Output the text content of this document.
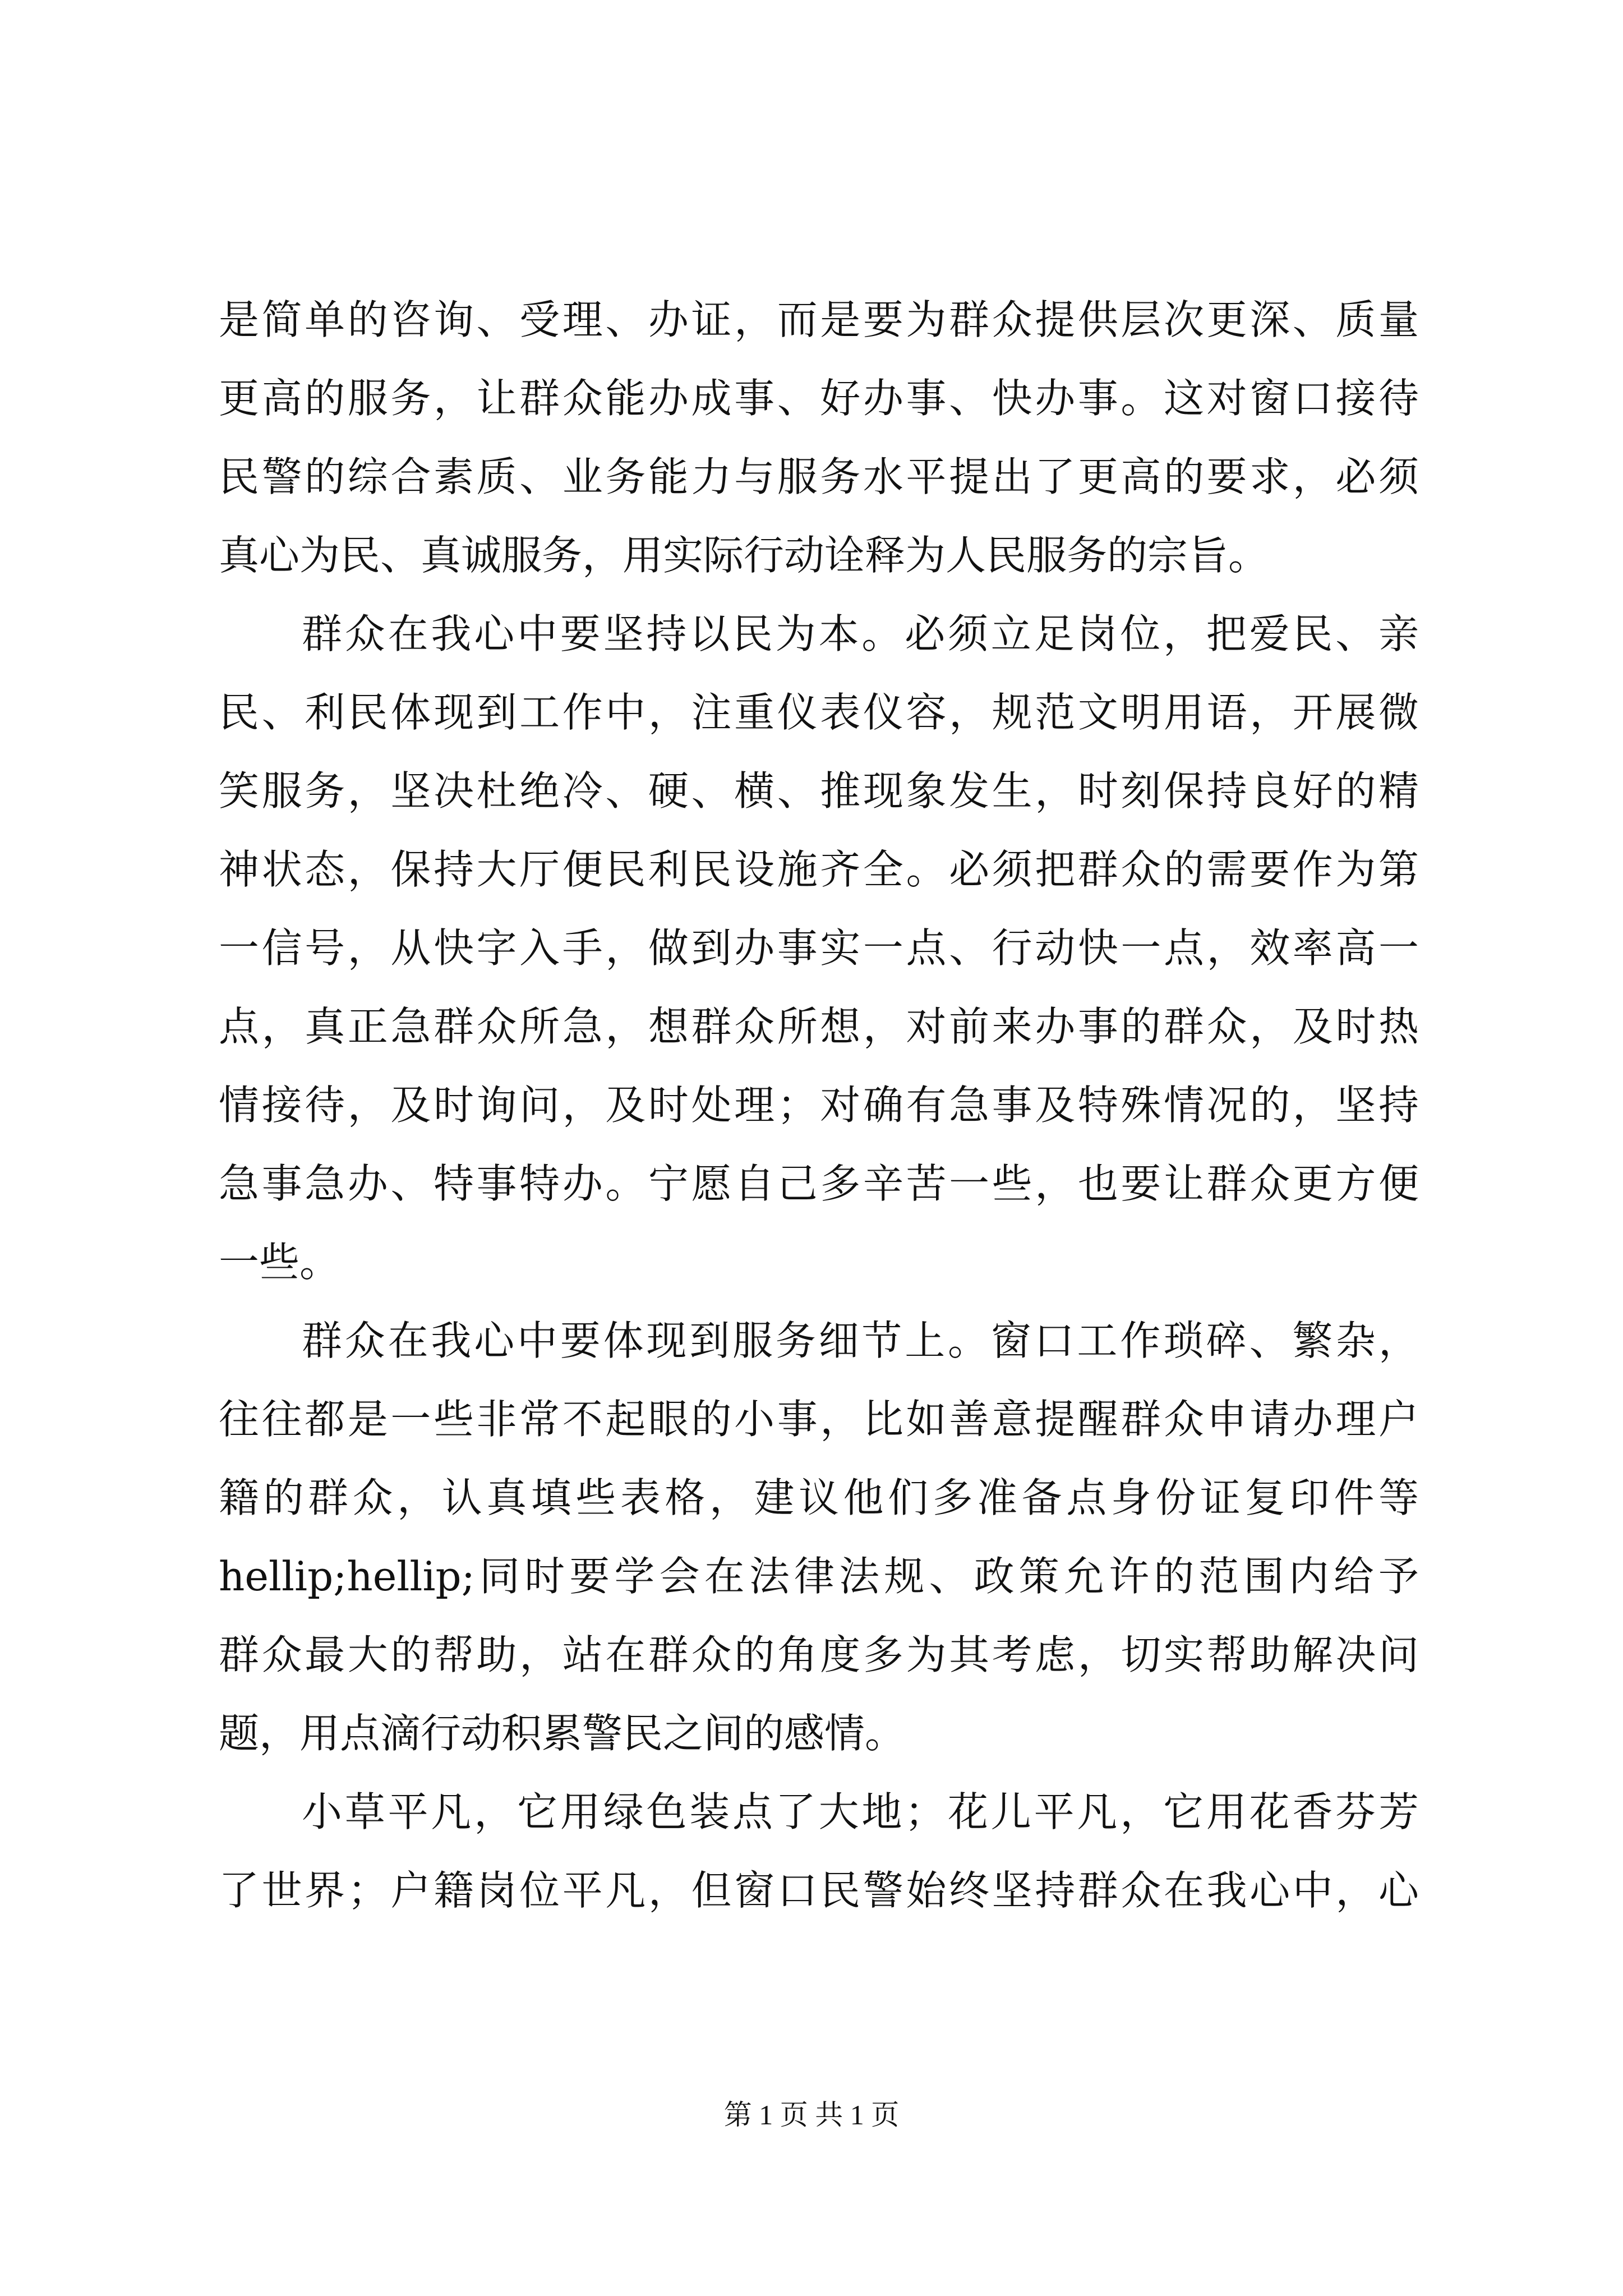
是简单的咨询、受理、办证，而是要为群众提供层次更深、质量
更高的服务，让群众能办成事、好办事、快办事。这对窗口接待
民警的综合素质、业务能力与服务水平提出了更高的要求，必须
真心为民、真诚服务，用实际行动诠释为人民服务的宗旨。
群众在我心中要坚持以民为本。必须立足岗位，把爱民、亲
民、利民体现到工作中，注重仪表仪容，规范文明用语，开展微
笑服务，坚决杜绝冷、硬、横、推现象发生，时刻保持良好的精
神状态，保持大厅便民利民设施齐全。必须把群众的需要作为第
一信号，从快字入手，做到办事实一点、行动快一点，效率高一
点，真正急群众所急，想群众所想，对前来办事的群众，及时热
情接待，及时询问，及时处理；对确有急事及特殊情况的，坚持
急事急办、特事特办。宁愿自己多辛苦一些，也要让群众更方便
一些。
群众在我心中要体现到服务细节上。窗口工作琐碎、繁杂，
往往都是一些非常不起眼的小事，比如善意提醒群众申请办理户
籍的群众，认真填些表格，建议他们多准备点身份证复印件等
hellip;hellip;同时要学会在法律法规、政策允许的范围内给予
群众最大的帮助，站在群众的角度多为其考虑，切实帮助解决问
题，用点滴行动积累警民之间的感情。
小草平凡，它用绿色装点了大地；花儿平凡，它用花香芬芳
了世界；户籍岗位平凡，但窗口民警始终坚持群众在我心中，心
第 1 页 共 1 页
